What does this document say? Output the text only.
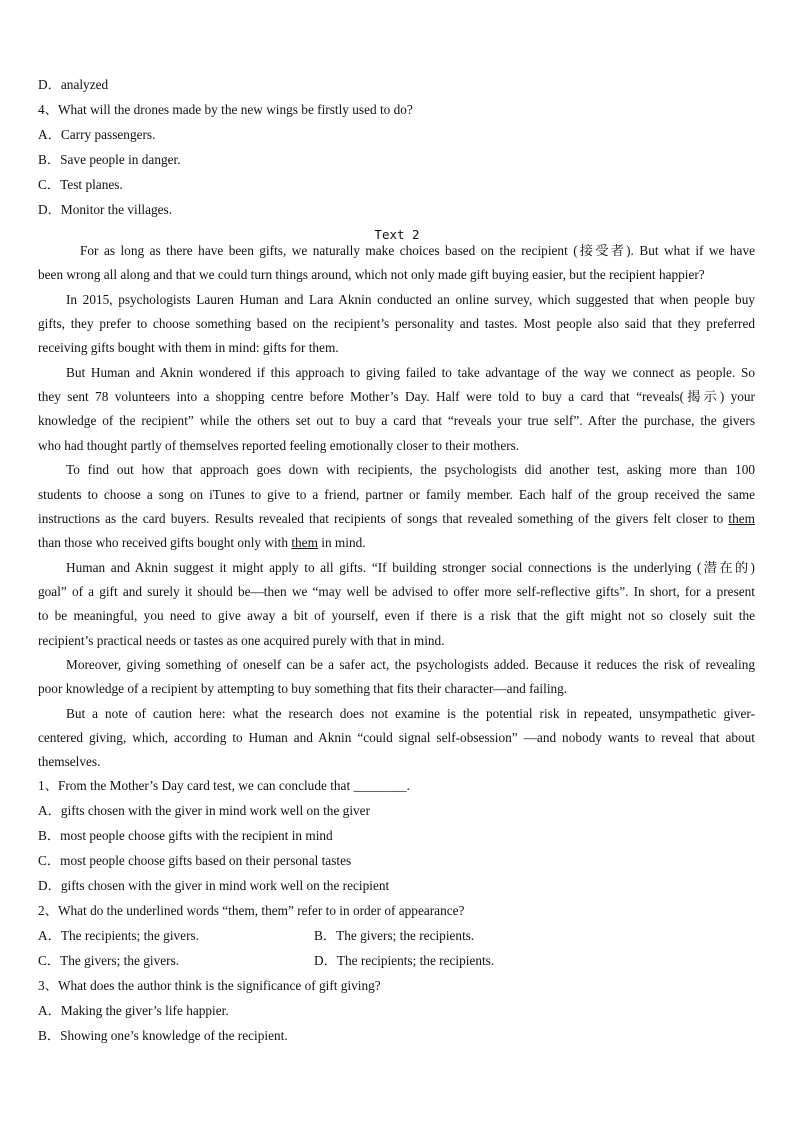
D．analyzed
4、What will the drones made by the new wings be firstly used to do?
A．Carry passengers.
B．Save people in danger.
C．Test planes.
D．Monitor the villages.
Text 2
For as long as there have been gifts, we naturally make choices based on the recipient (接受者). But what if we have
been wrong all along and that we could turn things around, which not only made gift buying easier, but the recipient happier?
In 2015, psychologists Lauren Human and Lara Aknin conducted an online survey, which suggested that when people buy
gifts, they prefer to choose something based on the recipient’s personality and tastes. Most people also said that they preferred
receiving gifts bought with them in mind: gifts for them.
But Human and Aknin wondered if this approach to giving failed to take advantage of the way we connect as people. So
they sent 78 volunteers into a shopping centre before Mother’s Day. Half were told to buy a card that “reveals(揭示) your
knowledge of the recipient” while the others set out to buy a card that “reveals your true self”. After the purchase, the givers
who had thought partly of themselves reported feeling emotionally closer to their mothers.
To find out how that approach goes down with recipients, the psychologists did another test, asking more than 100
students to choose a song on iTunes to give to a friend, partner or family member. Each half of the group received the same
instructions as the card buyers. Results revealed that recipients of songs that revealed something of the givers felt closer to them
than those who received gifts bought only with them in mind.
Human and Aknin suggest it might apply to all gifts. “If building stronger social connections is the underlying (潜在的)
goal” of a gift and surely it should be—then we “may well be advised to offer more self-reflective gifts”. In short, for a present
to be meaningful, you need to give away a bit of yourself, even if there is a risk that the gift might not so closely suit the
recipient’s practical needs or tastes as one acquired purely with that in mind.
Moreover, giving something of oneself can be a safer act, the psychologists added. Because it reduces the risk of revealing
poor knowledge of a recipient by attempting to buy something that fits their character—and failing.
But a note of caution here: what the research does not examine is the potential risk in repeated, unsympathetic giver-
centered giving, which, according to Human and Aknin “could signal self-obsession” —and nobody wants to reveal that about
themselves.
1、From the Mother’s Day card test, we can conclude that ________.
A．gifts chosen with the giver in mind work well on the giver
B．most people choose gifts with the recipient in mind
C．most people choose gifts based on their personal tastes
D．gifts chosen with the giver in mind work well on the recipient
2、What do the underlined words “them, them” refer to in order of appearance?
A．The recipients; the givers.	B．The givers; the recipients.
C．The givers; the givers.	D．The recipients; the recipients.
3、What does the author think is the significance of gift giving?
A．Making the giver’s life happier.
B．Showing one’s knowledge of the recipient.
